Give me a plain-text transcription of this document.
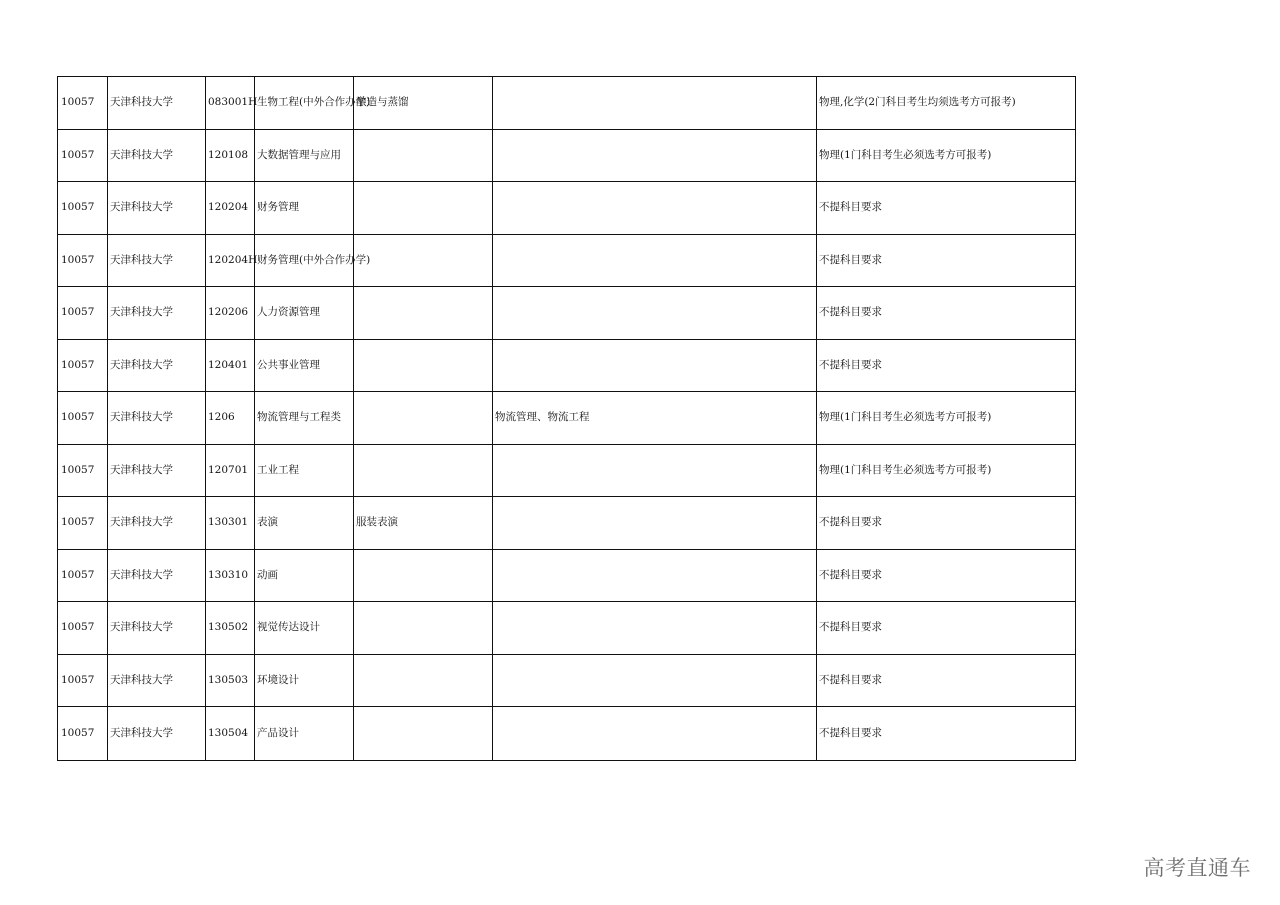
10057	天津科技大学	083001H	生物工程(中外合作办学)	酿造与蒸馏		物理,化学(2门科目考生均须选考方可报考)
10057	天津科技大学	120108	大数据管理与应用			物理(1门科目考生必须选考方可报考)
10057	天津科技大学	120204	财务管理			不提科目要求
10057	天津科技大学	120204H	财务管理(中外合作办学)			不提科目要求
10057	天津科技大学	120206	人力资源管理			不提科目要求
10057	天津科技大学	120401	公共事业管理			不提科目要求
10057	天津科技大学	1206	物流管理与工程类		物流管理、物流工程	物理(1门科目考生必须选考方可报考)
10057	天津科技大学	120701	工业工程			物理(1门科目考生必须选考方可报考)
10057	天津科技大学	130301	表演	服装表演		不提科目要求
10057	天津科技大学	130310	动画			不提科目要求
10057	天津科技大学	130502	视觉传达设计			不提科目要求
10057	天津科技大学	130503	环境设计			不提科目要求
10057	天津科技大学	130504	产品设计			不提科目要求
高考直通车
